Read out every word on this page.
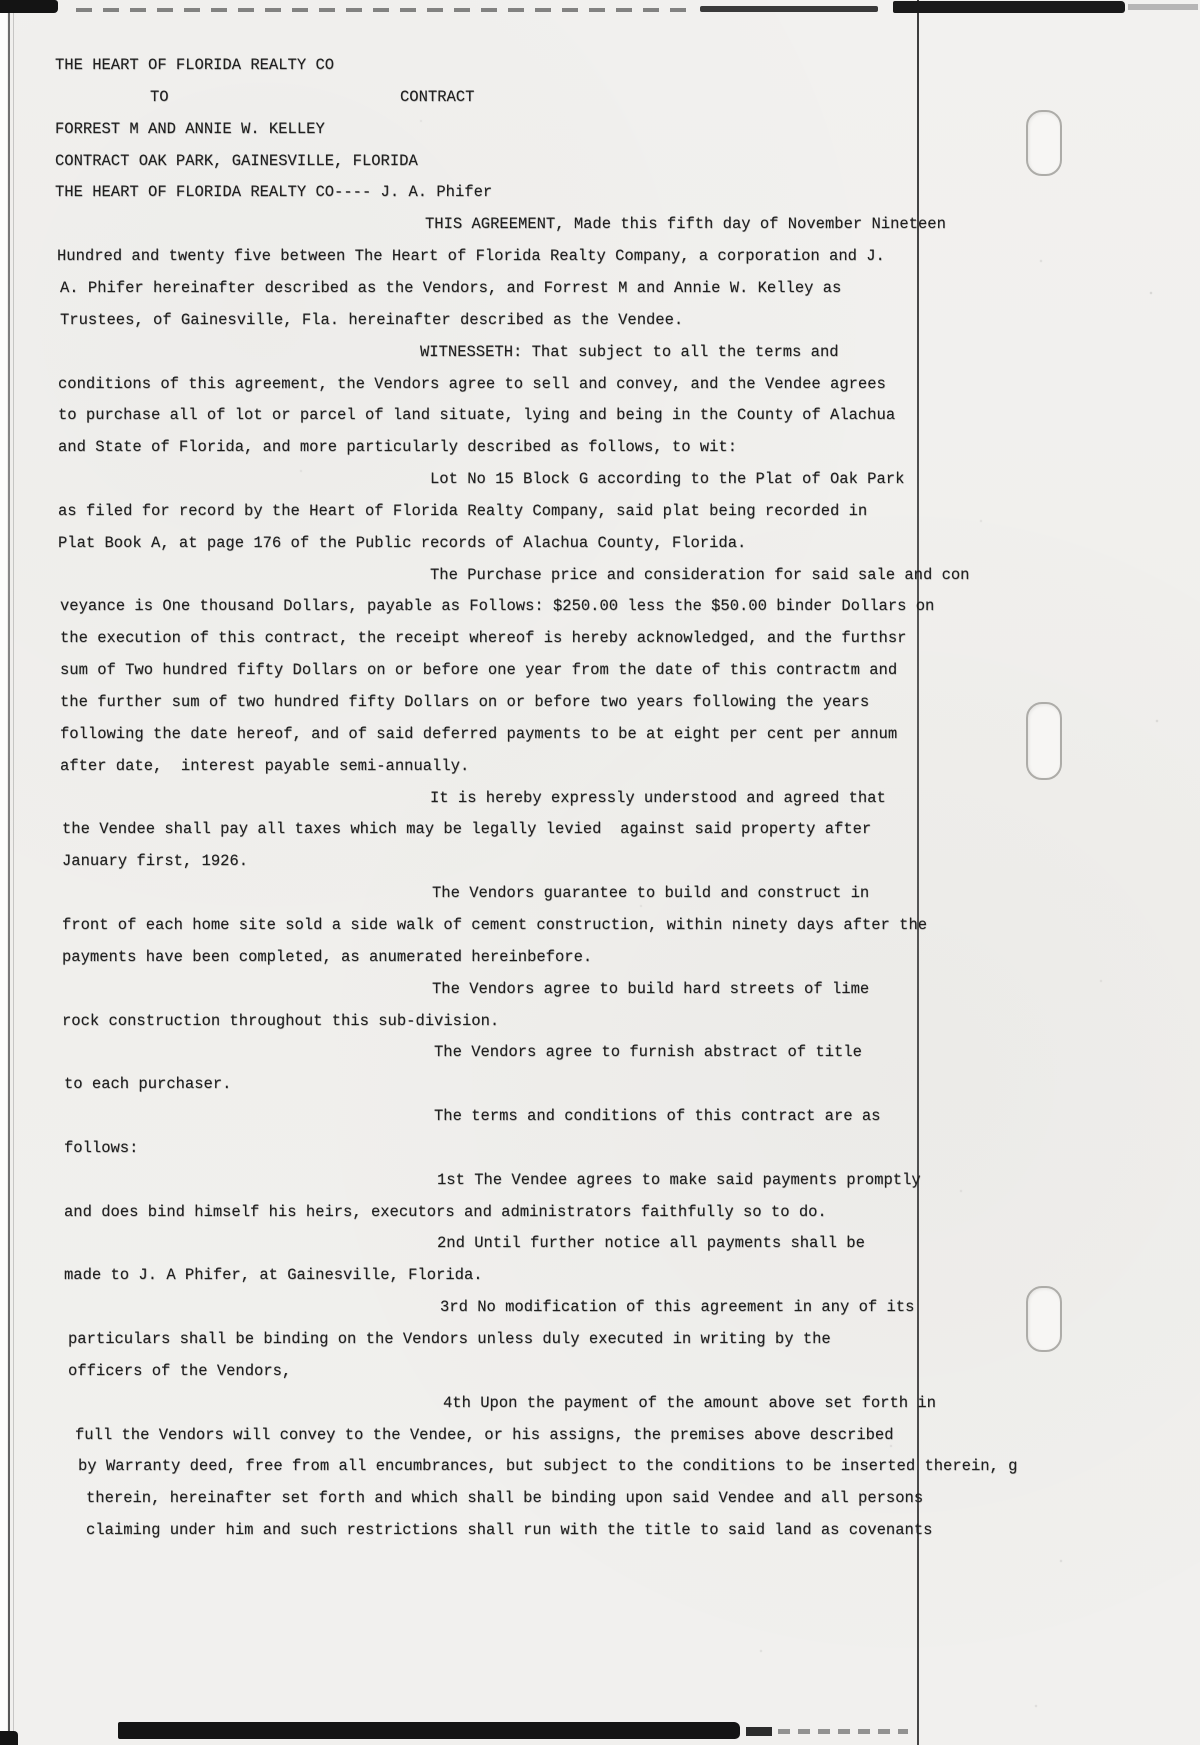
THE HEART OF FLORIDA REALTY CO
TO	CONTRACT
FORREST M AND ANNIE W. KELLEY
CONTRACT OAK PARK, GAINESVILLE, FLORIDA
THE HEART OF FLORIDA REALTY CO---- J. A. Phifer
THIS AGREEMENT, Made this fifth day of November Nineteen
Hundred and twenty five between The Heart of Florida Realty Company, a corporation and J.
A. Phifer hereinafter described as the Vendors, and Forrest M and Annie W. Kelley as
Trustees, of Gainesville, Fla. hereinafter described as the Vendee.
WITNESSETH: That subject to all the terms and
conditions of this agreement, the Vendors agree to sell and convey, and the Vendee agrees
to purchase all of lot or parcel of land situate, lying and being in the County of Alachua
and State of Florida, and more particularly described as follows, to wit:
Lot No 15 Block G according to the Plat of Oak Park
as filed for record by the Heart of Florida Realty Company, said plat being recorded in
Plat Book A, at page 176 of the Public records of Alachua County, Florida.
The Purchase price and consideration for said sale and con
veyance is One thousand Dollars, payable as Follows: $250.00 less the $50.00 binder Dollars on
the execution of this contract, the receipt whereof is hereby acknowledged, and the furthsr
sum of Two hundred fifty Dollars on or before one year from the date of this contractm and
the further sum of two hundred fifty Dollars on or before two years following the years
following the date hereof, and of said deferred payments to be at eight per cent per annum
after date,  interest payable semi-annually.
It is hereby expressly understood and agreed that
the Vendee shall pay all taxes which may be legally levied  against said property after
January first, 1926.
The Vendors guarantee to build and construct in
front of each home site sold a side walk of cement construction, within ninety days after the
payments have been completed, as anumerated hereinbefore.
The Vendors agree to build hard streets of lime
rock construction throughout this sub-division.
The Vendors agree to furnish abstract of title
to each purchaser.
The terms and conditions of this contract are as
follows:
1st The Vendee agrees to make said payments promptly
and does bind himself his heirs, executors and administrators faithfully so to do.
2nd Until further notice all payments shall be
made to J. A Phifer, at Gainesville, Florida.
3rd No modification of this agreement in any of its
particulars shall be binding on the Vendors unless duly executed in writing by the
officers of the Vendors,
4th Upon the payment of the amount above set forth in
full the Vendors will convey to the Vendee, or his assigns, the premises above described
by Warranty deed, free from all encumbrances, but subject to the conditions to be inserted therein, g
therein, hereinafter set forth and which shall be binding upon said Vendee and all persons
claiming under him and such restrictions shall run with the title to said land as covenants
